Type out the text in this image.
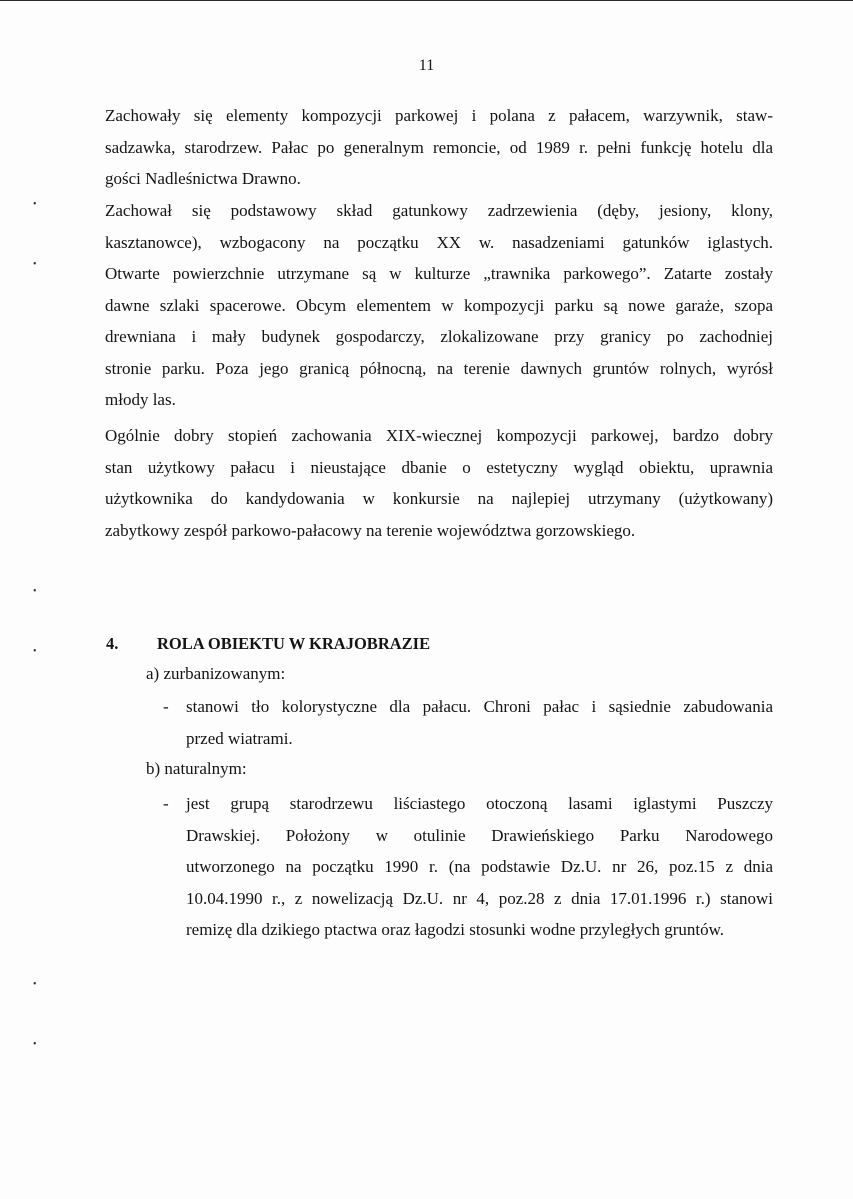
11
•
•
•
•
•
•

Zachowały się elementy kompozycji parkowej i polana z pałacem, warzywnik, staw-
sadzawka, starodrzew. Pałac po generalnym remoncie, od 1989 r. pełni funkcję hotelu dla
gości Nadleśnictwa Drawno.

Zachował się podstawowy skład gatunkowy zadrzewienia (dęby, jesiony, klony,
kasztanowce), wzbogacony na początku XX w. nasadzeniami gatunków iglastych.
Otwarte powierzchnie utrzymane są w kulturze „trawnika parkowego”. Zatarte zostały
dawne szlaki spacerowe. Obcym elementem w kompozycji parku są nowe garaże, szopa
drewniana i mały budynek gospodarczy, zlokalizowane przy granicy po zachodniej
stronie parku. Poza jego granicą północną, na terenie dawnych gruntów rolnych, wyrósł
młody las.

Ogólnie dobry stopień zachowania XIX-wiecznej kompozycji parkowej, bardzo dobry
stan użytkowy pałacu i nieustające dbanie o estetyczny wygląd obiektu, uprawnia
użytkownika do kandydowania w konkursie na najlepiej utrzymany (użytkowany)
zabytkowy zespół parkowo-pałacowy na terenie województwa gorzowskiego.

4. ROLA OBIEKTU W KRAJOBRAZIE

a) zurbanizowanym:

- stanowi tło kolorystyczne dla pałacu. Chroni pałac i sąsiednie zabudowania
przed wiatrami.

b) naturalnym:

- jest grupą starodrzewu liściastego otoczoną lasami iglastymi Puszczy
Drawskiej. Położony w otulinie Drawieńskiego Parku Narodowego
utworzonego na początku 1990 r. (na podstawie Dz.U. nr 26, poz.15 z dnia
10.04.1990 r., z nowelizacją Dz.U. nr 4, poz.28 z dnia 17.01.1996 r.) stanowi
remizę dla dzikiego ptactwa oraz łagodzi stosunki wodne przyległych gruntów.
